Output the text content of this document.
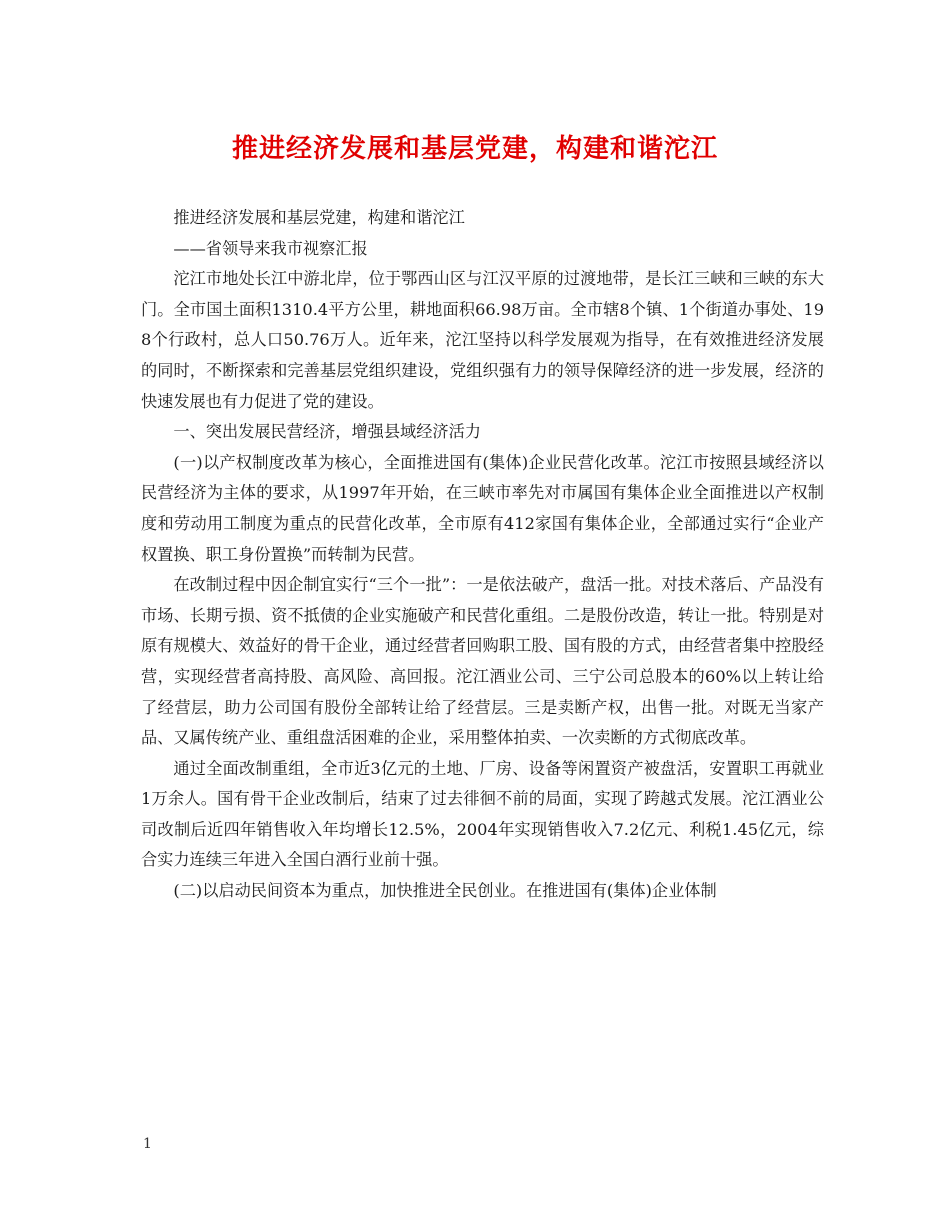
推进经济发展和基层党建，构建和谐沱江

推进经济发展和基层党建，构建和谐沱江

——省领导来我市视察汇报

沱江市地处长江中游北岸，位于鄂西山区与江汉平原的过渡地带，是长江三峡和三峡的东大门。全市国土面积1310.4平方公里，耕地面积66.98万亩。全市辖8个镇、1个街道办事处、198个行政村，总人口50.76万人。近年来，沱江坚持以科学发展观为指导，在有效推进经济发展的同时，不断探索和完善基层党组织建设，党组织强有力的领导保障经济的进一步发展，经济的快速发展也有力促进了党的建设。

一、突出发展民营经济，增强县域经济活力

(一)以产权制度改革为核心，全面推进国有(集体)企业民营化改革。沱江市按照县域经济以民营经济为主体的要求，从1997年开始，在三峡市率先对市属国有集体企业全面推进以产权制度和劳动用工制度为重点的民营化改革，全市原有412家国有集体企业，全部通过实行“企业产权置换、职工身份置换”而转制为民营。

在改制过程中因企制宜实行“三个一批”：一是依法破产，盘活一批。对技术落后、产品没有市场、长期亏损、资不抵债的企业实施破产和民营化重组。二是股份改造，转让一批。特别是对原有规模大、效益好的骨干企业，通过经营者回购职工股、国有股的方式，由经营者集中控股经营，实现经营者高持股、高风险、高回报。沱江酒业公司、三宁公司总股本的60%以上转让给了经营层，助力公司国有股份全部转让给了经营层。三是卖断产权，出售一批。对既无当家产品、又属传统产业、重组盘活困难的企业，采用整体拍卖、一次卖断的方式彻底改革。

通过全面改制重组，全市近3亿元的土地、厂房、设备等闲置资产被盘活，安置职工再就业1万余人。国有骨干企业改制后，结束了过去徘徊不前的局面，实现了跨越式发展。沱江酒业公司改制后近四年销售收入年均增长12.5%，2004年实现销售收入7.2亿元、利税1.45亿元，综合实力连续三年进入全国白酒行业前十强。

(二)以启动民间资本为重点，加快推进全民创业。在推进国有(集体)企业体制

1
